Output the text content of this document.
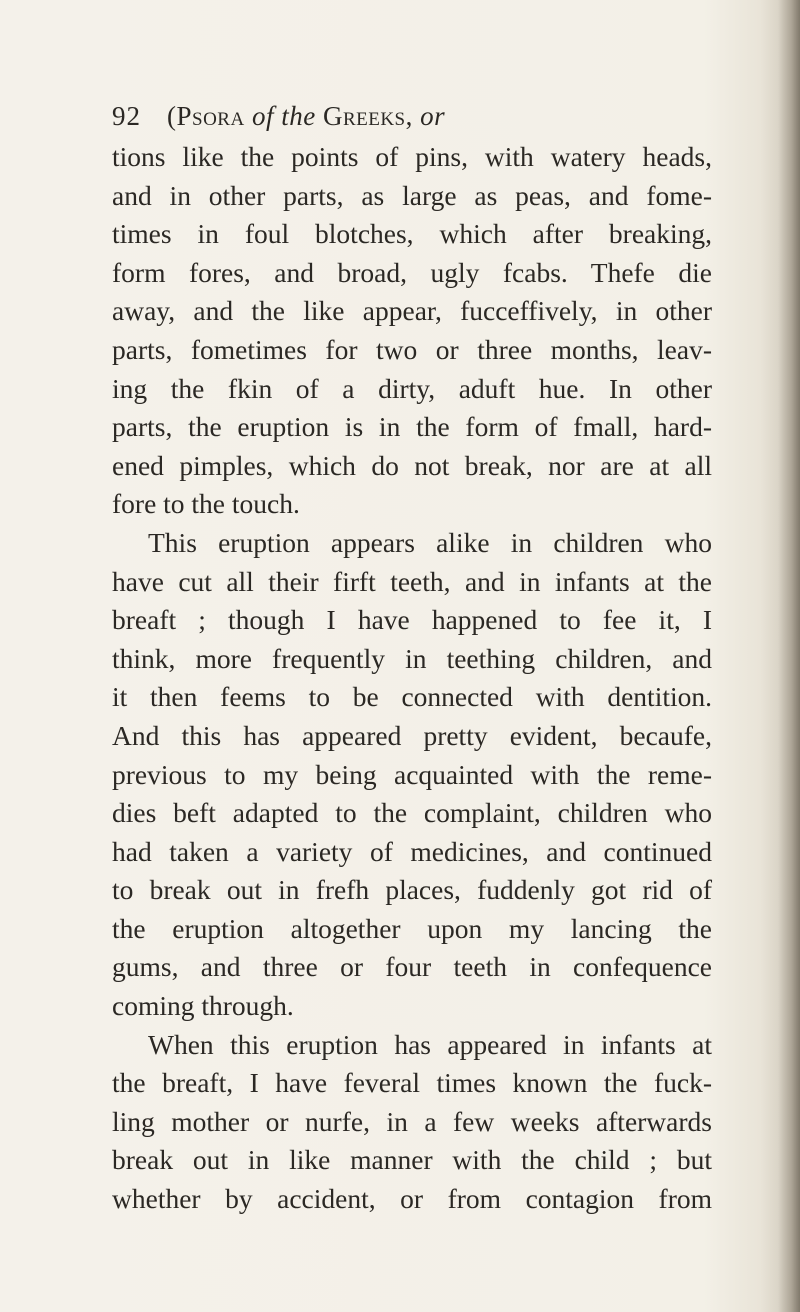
92 (Psora of the Greeks, or
tions like the points of pins, with watery heads,
and in other parts, as large as peas, and fome-
times in foul blotches, which after breaking,
form fores, and broad, ugly fcabs. Thefe die
away, and the like appear, fucceffively, in other
parts, fometimes for two or three months, leav-
ing the fkin of a dirty, aduft hue. In other
parts, the eruption is in the form of fmall, hard-
ened pimples, which do not break, nor are at all
fore to the touch.
This eruption appears alike in children who
have cut all their firft teeth, and in infants at the
breaft ; though I have happened to fee it, I
think, more frequently in teething children, and
it then feems to be connected with dentition.
And this has appeared pretty evident, becaufe,
previous to my being acquainted with the reme-
dies beft adapted to the complaint, children who
had taken a variety of medicines, and continued
to break out in frefh places, fuddenly got rid of
the eruption altogether upon my lancing the
gums, and three or four teeth in confequence
coming through.
When this eruption has appeared in infants at
the breaft, I have feveral times known the fuck-
ling mother or nurfe, in a few weeks afterwards
break out in like manner with the child ; but
whether by accident, or from contagion from
